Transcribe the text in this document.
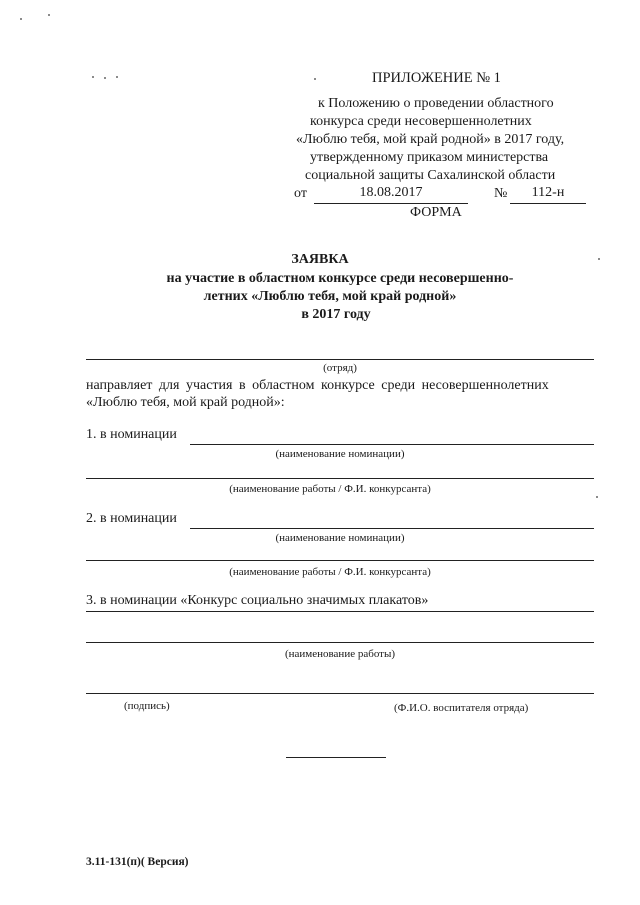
ПРИЛОЖЕНИЕ № 1
к Положению о проведении областного
конкурса среди несовершеннолетних
«Люблю тебя, мой край родной» в 2017 году,
утвержденному приказом министерства
социальной защиты Сахалинской области
от	18.08.2017	№	112-н
ФОРМА
ЗАЯВКА
на участие в областном конкурсе среди несовершенно-
летних «Люблю тебя, мой край родной»
в 2017 году
(отряд)
направляет для участия в областном конкурсе среди несовершеннолетних
«Люблю тебя, мой край родной»:
1. в номинации
(наименование номинации)
(наименование работы / Ф.И. конкурсанта)
2. в номинации
(наименование номинации)
(наименование работы / Ф.И. конкурсанта)
3. в номинации «Конкурс социально значимых плакатов»
(наименование работы)
(подпись)	(Ф.И.О. воспитателя отряда)
3.11-131(п)( Версия)
